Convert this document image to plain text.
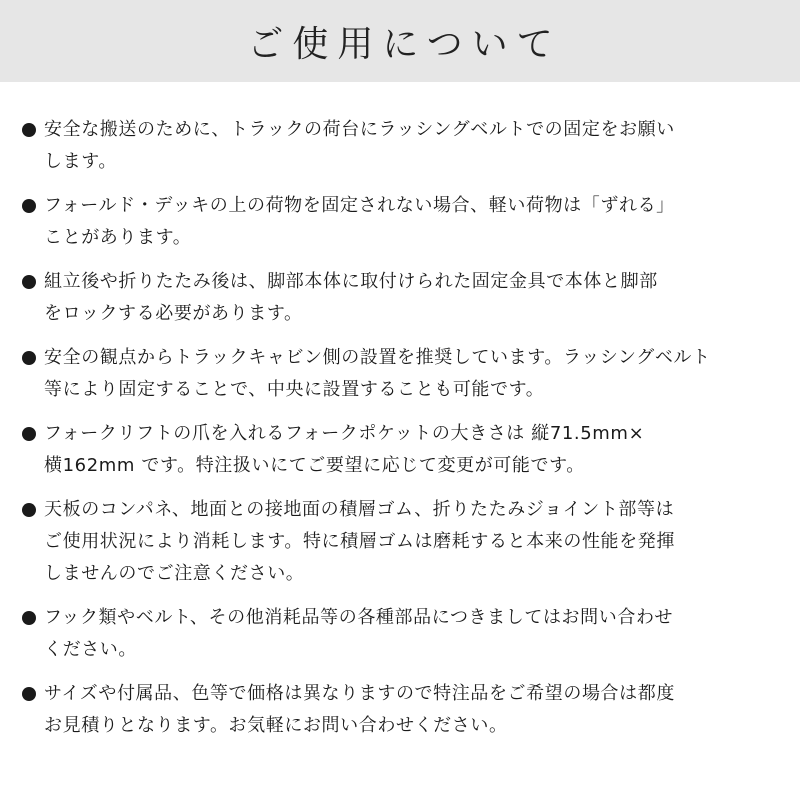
ご使用について
安全な搬送のために、トラックの荷台にラッシングベルトでの固定をお願い
します。
フォールド・デッキの上の荷物を固定されない場合、軽い荷物は「ずれる」
ことがあります。
組立後や折りたたみ後は、脚部本体に取付けられた固定金具で本体と脚部
をロックする必要があります。
安全の観点からトラックキャビン側の設置を推奨しています。ラッシングベルト
等により固定することで、中央に設置することも可能です。
フォークリフトの爪を入れるフォークポケットの大きさは 縦71.5mm×
横162mm です。特注扱いにてご要望に応じて変更が可能です。
天板のコンパネ、地面との接地面の積層ゴム、折りたたみジョイント部等は
ご使用状況により消耗します。特に積層ゴムは磨耗すると本来の性能を発揮
しませんのでご注意ください。
フック類やベルト、その他消耗品等の各種部品につきましてはお問い合わせ
ください。
サイズや付属品、色等で価格は異なりますので特注品をご希望の場合は都度
お見積りとなります。お気軽にお問い合わせください。
